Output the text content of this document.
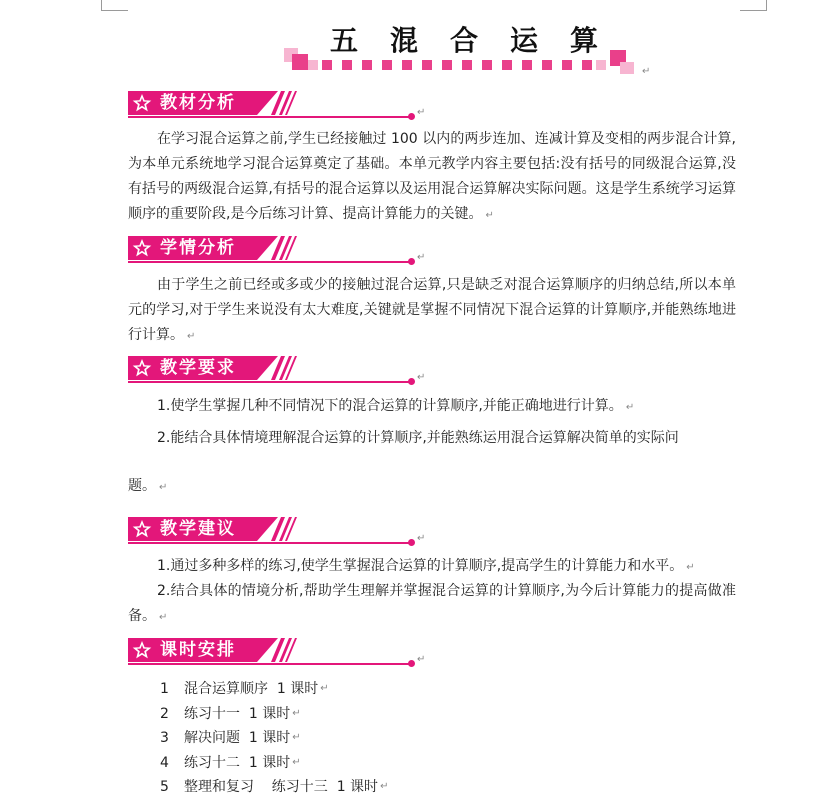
五 混 合 运 算
↵
教材分析	↵
在学习混合运算之前,学生已经接触过 100 以内的两步连加、连减计算及变相的两步混合计算,为本单元系统地学习混合运算奠定了基础。本单元教学内容主要包括:没有括号的同级混合运算,没有括号的两级混合运算,有括号的混合运算以及运用混合运算解决实际问题。这是学生系统学习运算顺序的重要阶段,是今后练习计算、提高计算能力的关键。 ↵
学情分析	↵
由于学生之前已经或多或少的接触过混合运算,只是缺乏对混合运算顺序的归纳总结,所以本单元的学习,对于学生来说没有太大难度,关键就是掌握不同情况下混合运算的计算顺序,并能熟练地进行计算。 ↵
教学要求	↵
1.使学生掌握几种不同情况下的混合运算的计算顺序,并能正确地进行计算。 ↵
2.能结合具体情境理解混合运算的计算顺序,并能熟练运用混合运算解决简单的实际问
题。 ↵
教学建议	↵
1.通过多种多样的练习,使学生掌握混合运算的计算顺序,提高学生的计算能力和水平。 ↵
2.结合具体的情境分析,帮助学生理解并掌握混合运算的计算顺序,为今后计算能力的提高做准备。 ↵
课时安排	↵
1	混合运算顺序  1 课时 ↵
2	练习十一  1 课时 ↵
3	解决问题  1 课时 ↵
4	练习十二  1 课时 ↵
5	整理和复习    练习十三  1 课时 ↵
